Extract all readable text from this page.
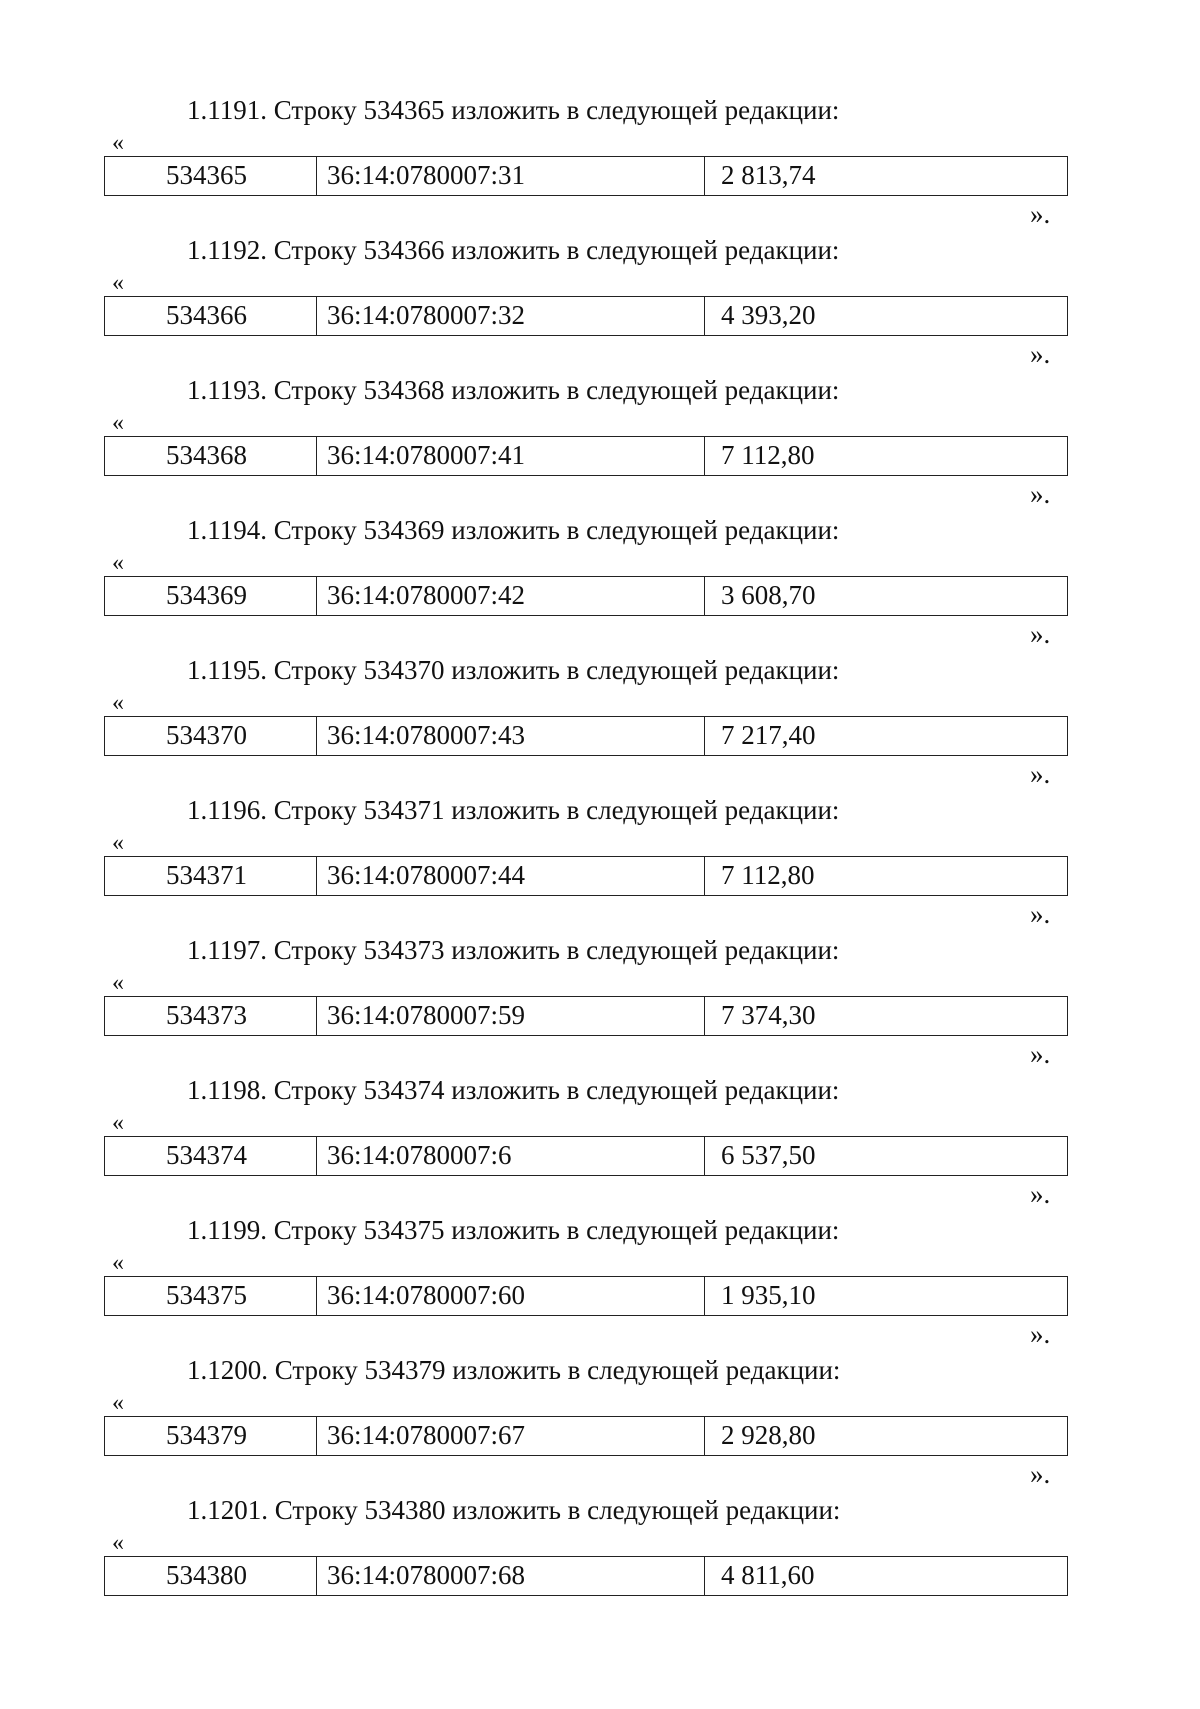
1.1191. Строку 534365 изложить в следующей редакции:
«
534365	36:14:0780007:31	2 813,74
».
1.1192. Строку 534366 изложить в следующей редакции:
«
534366	36:14:0780007:32	4 393,20
».
1.1193. Строку 534368 изложить в следующей редакции:
«
534368	36:14:0780007:41	7 112,80
».
1.1194. Строку 534369 изложить в следующей редакции:
«
534369	36:14:0780007:42	3 608,70
».
1.1195. Строку 534370 изложить в следующей редакции:
«
534370	36:14:0780007:43	7 217,40
».
1.1196. Строку 534371 изложить в следующей редакции:
«
534371	36:14:0780007:44	7 112,80
».
1.1197. Строку 534373 изложить в следующей редакции:
«
534373	36:14:0780007:59	7 374,30
».
1.1198. Строку 534374 изложить в следующей редакции:
«
534374	36:14:0780007:6	6 537,50
».
1.1199. Строку 534375 изложить в следующей редакции:
«
534375	36:14:0780007:60	1 935,10
».
1.1200. Строку 534379 изложить в следующей редакции:
«
534379	36:14:0780007:67	2 928,80
».
1.1201. Строку 534380 изложить в следующей редакции:
«
534380	36:14:0780007:68	4 811,60
